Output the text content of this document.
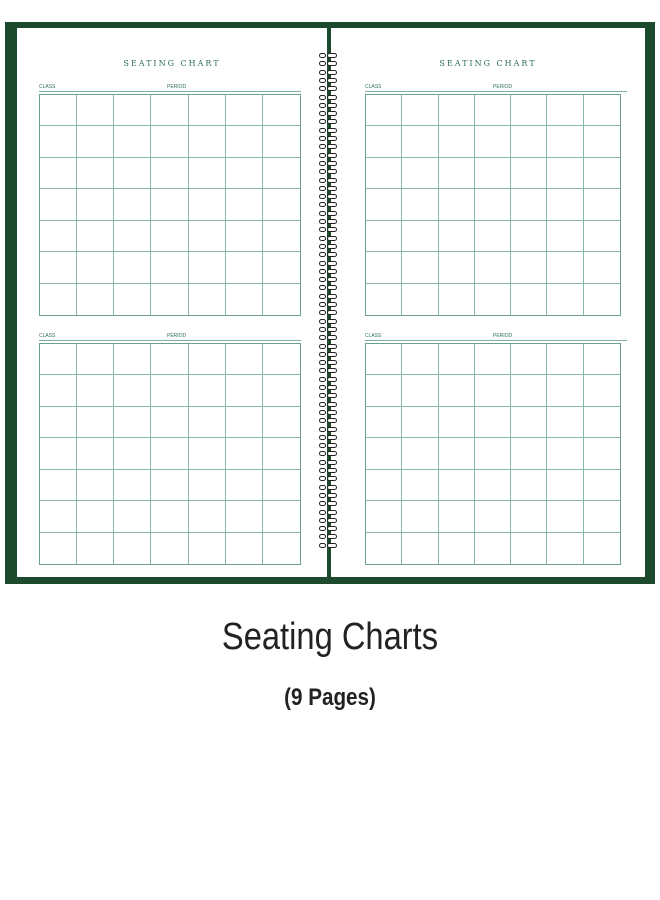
SEATING CHART
CLASS	PERIOD
CLASS	PERIOD
SEATING CHART
CLASS	PERIOD
CLASS	PERIOD
Seating Charts
(9 Pages)
